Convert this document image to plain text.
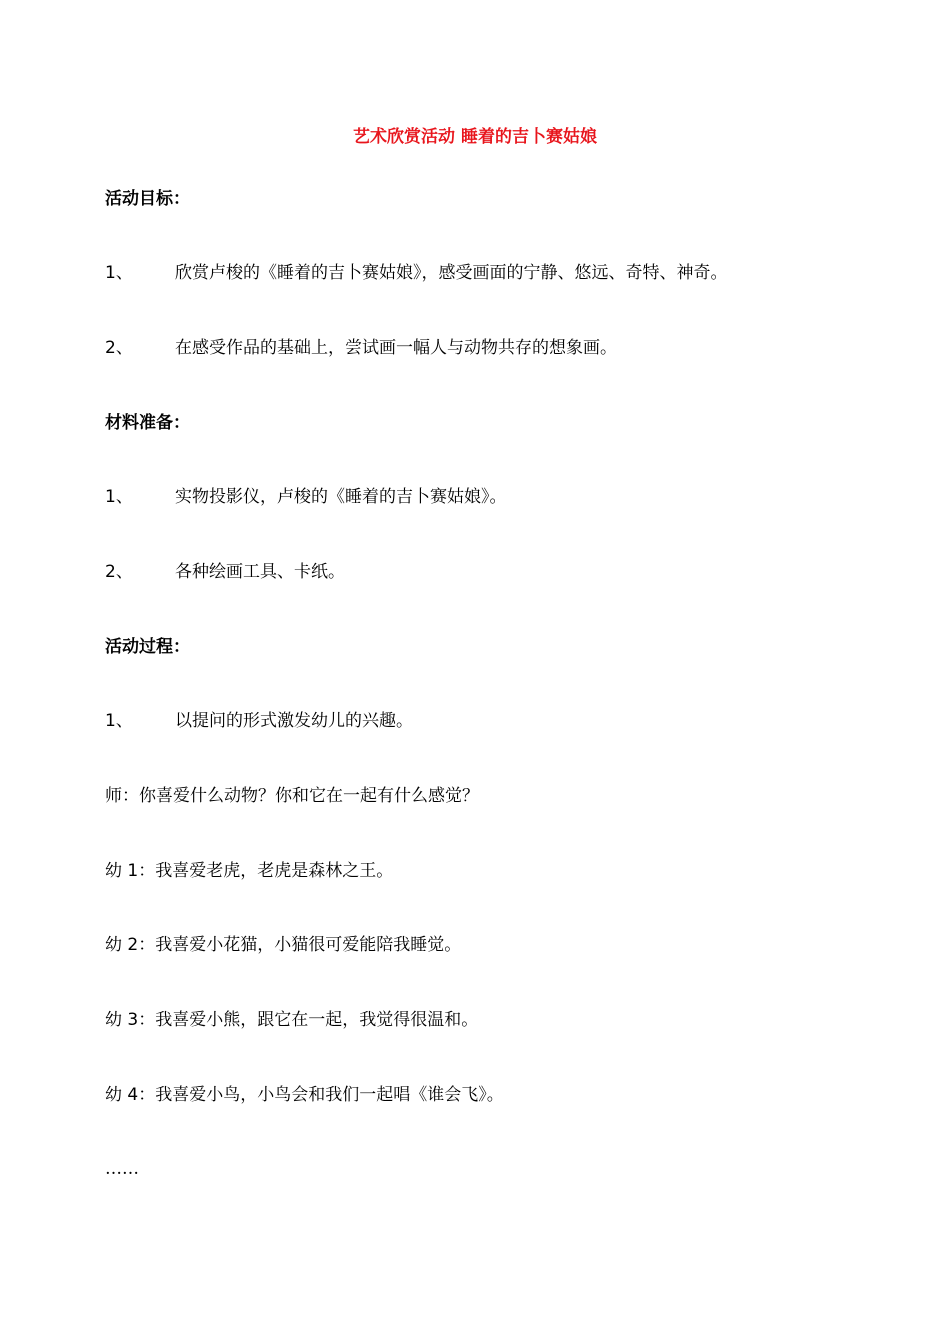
艺术欣赏活动 睡着的吉卜赛姑娘
活动目标：
1、 欣赏卢梭的《睡着的吉卜赛姑娘》，感受画面的宁静、悠远、奇特、神奇。
2、 在感受作品的基础上，尝试画一幅人与动物共存的想象画。
材料准备：
1、 实物投影仪，卢梭的《睡着的吉卜赛姑娘》。
2、 各种绘画工具、卡纸。
活动过程：
1、 以提问的形式激发幼儿的兴趣。
师：你喜爱什么动物？你和它在一起有什么感觉？
幼 1：我喜爱老虎，老虎是森林之王。
幼 2：我喜爱小花猫，小猫很可爱能陪我睡觉。
幼 3：我喜爱小熊，跟它在一起，我觉得很温和。
幼 4：我喜爱小鸟，小鸟会和我们一起唱《谁会飞》。
……
